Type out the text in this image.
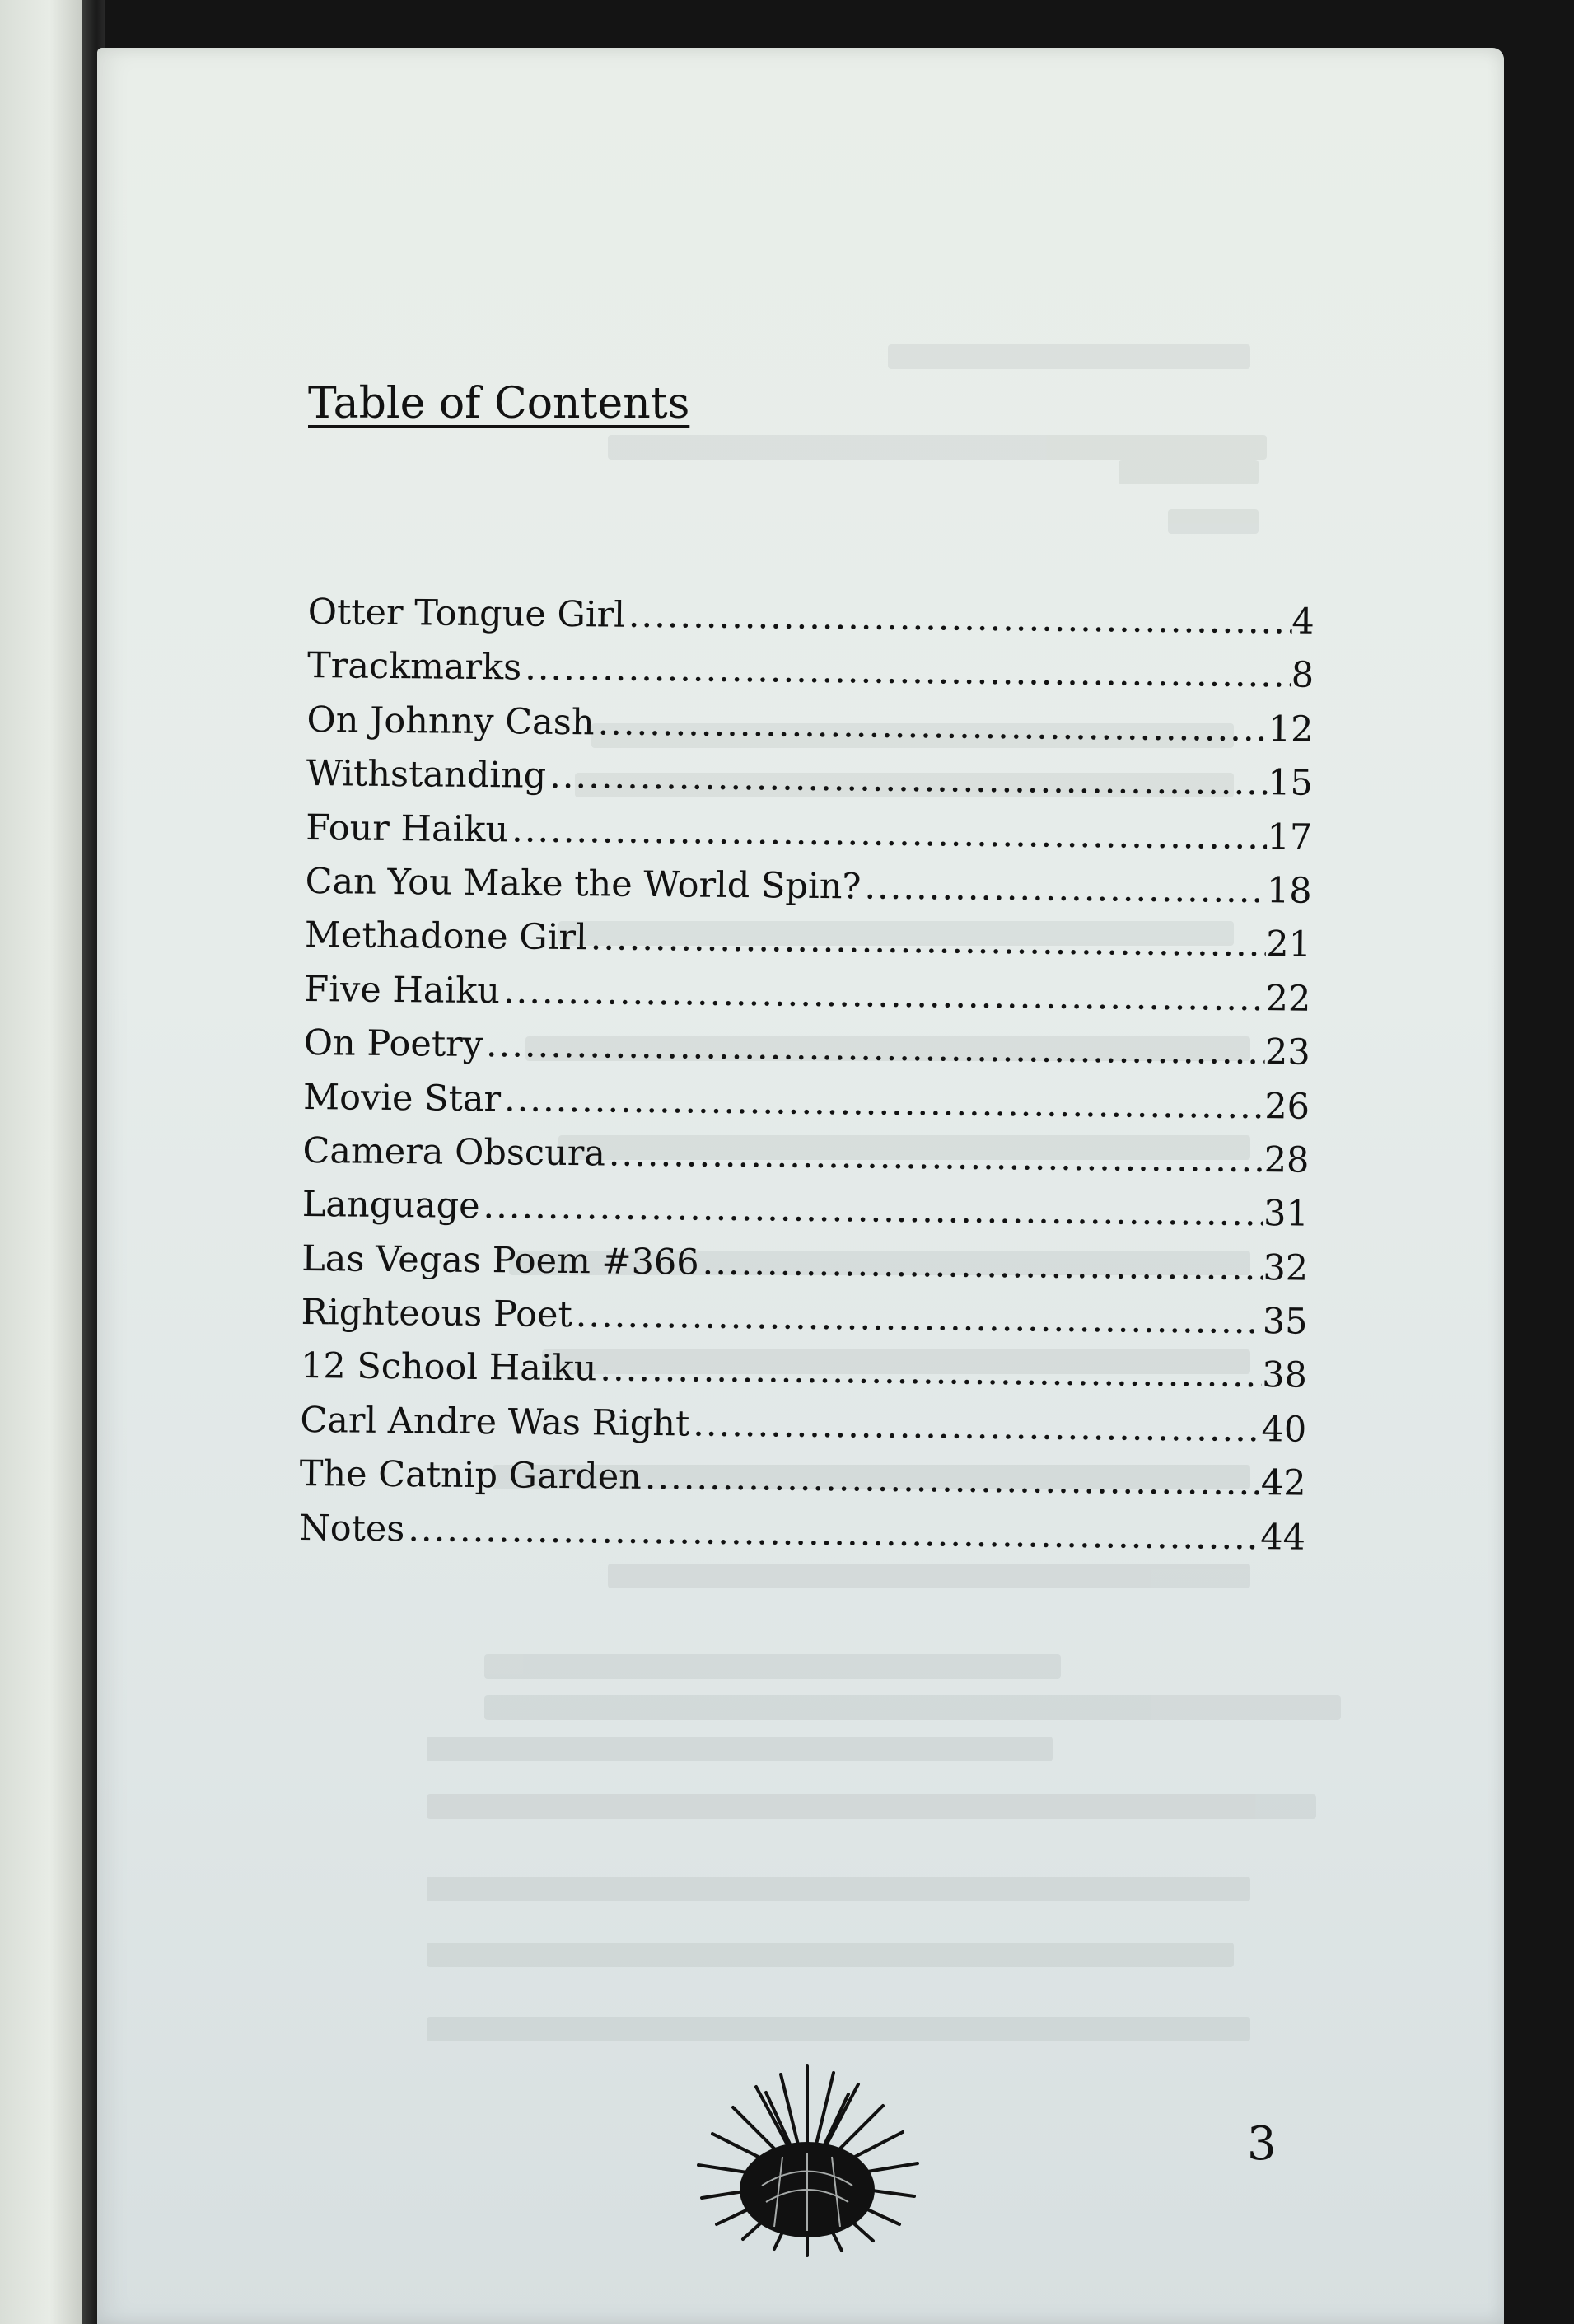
Table of Contents
Otter Tongue Girl .....	4
Trackmarks .....	8
On Johnny Cash .....	12
Withstanding .....	15
Four Haiku .....	17
Can You Make the World Spin? .....	18
Methadone Girl .....	21
Five Haiku .....	22
On Poetry .....	23
Movie Star .....	26
Camera Obscura .....	28
Language .....	31
Las Vegas Poem #366 .....	32
Righteous Poet .....	35
12 School Haiku .....	38
Carl Andre Was Right .....	40
The Catnip Garden .....	42
Notes .....	44
3
